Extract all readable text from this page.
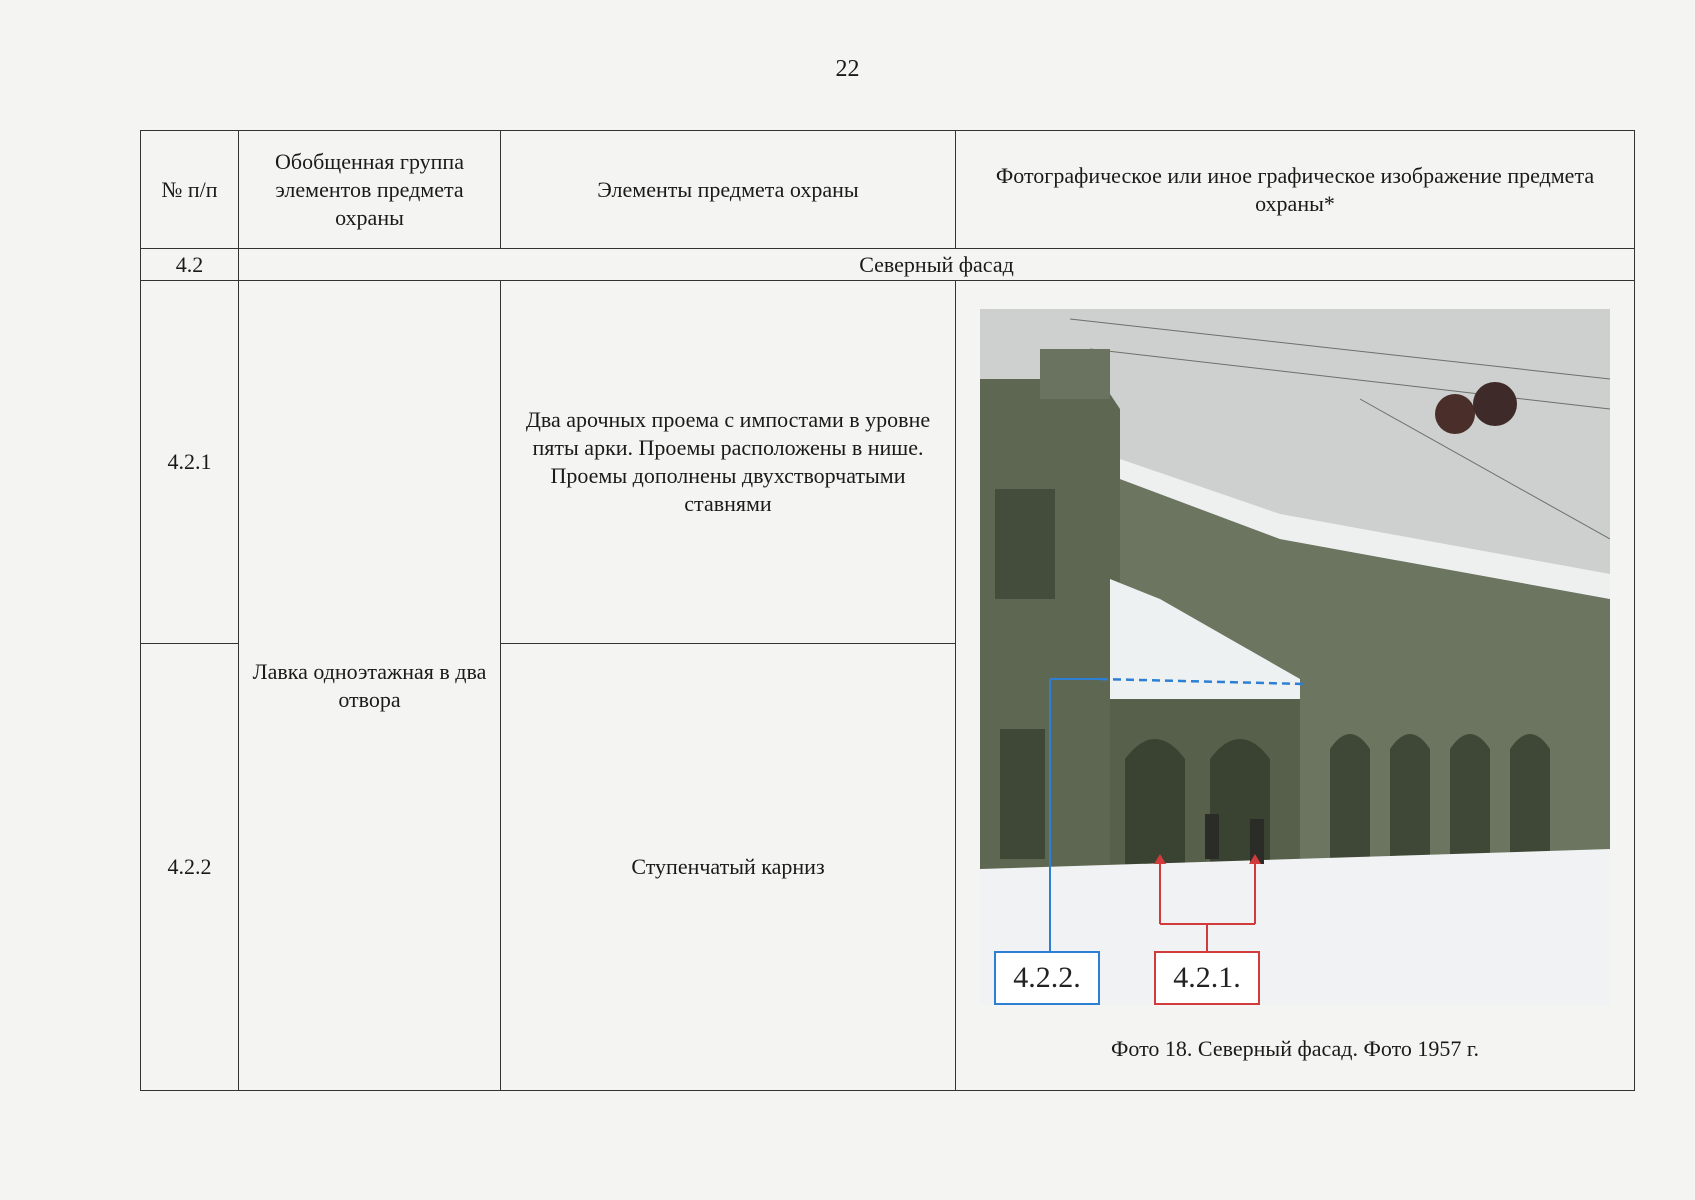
22
№ п/п	Обобщенная группа элементов предмета охраны	Элементы предмета охраны	Фотографическое или иное графическое изображение предмета охраны*
4.2	Северный фасад		
4.2.1	Лавка одноэтажная в два отвора	Два арочных проема с импостами в уровне пяты арки. Проемы расположены в нише. Проемы дополнены двухстворчатыми ставнями	4.2.2. 4.2.1.
Фото 18. Северный фасад. Фото 1957 г.

4.2.2		Ступенчатый карниз	
